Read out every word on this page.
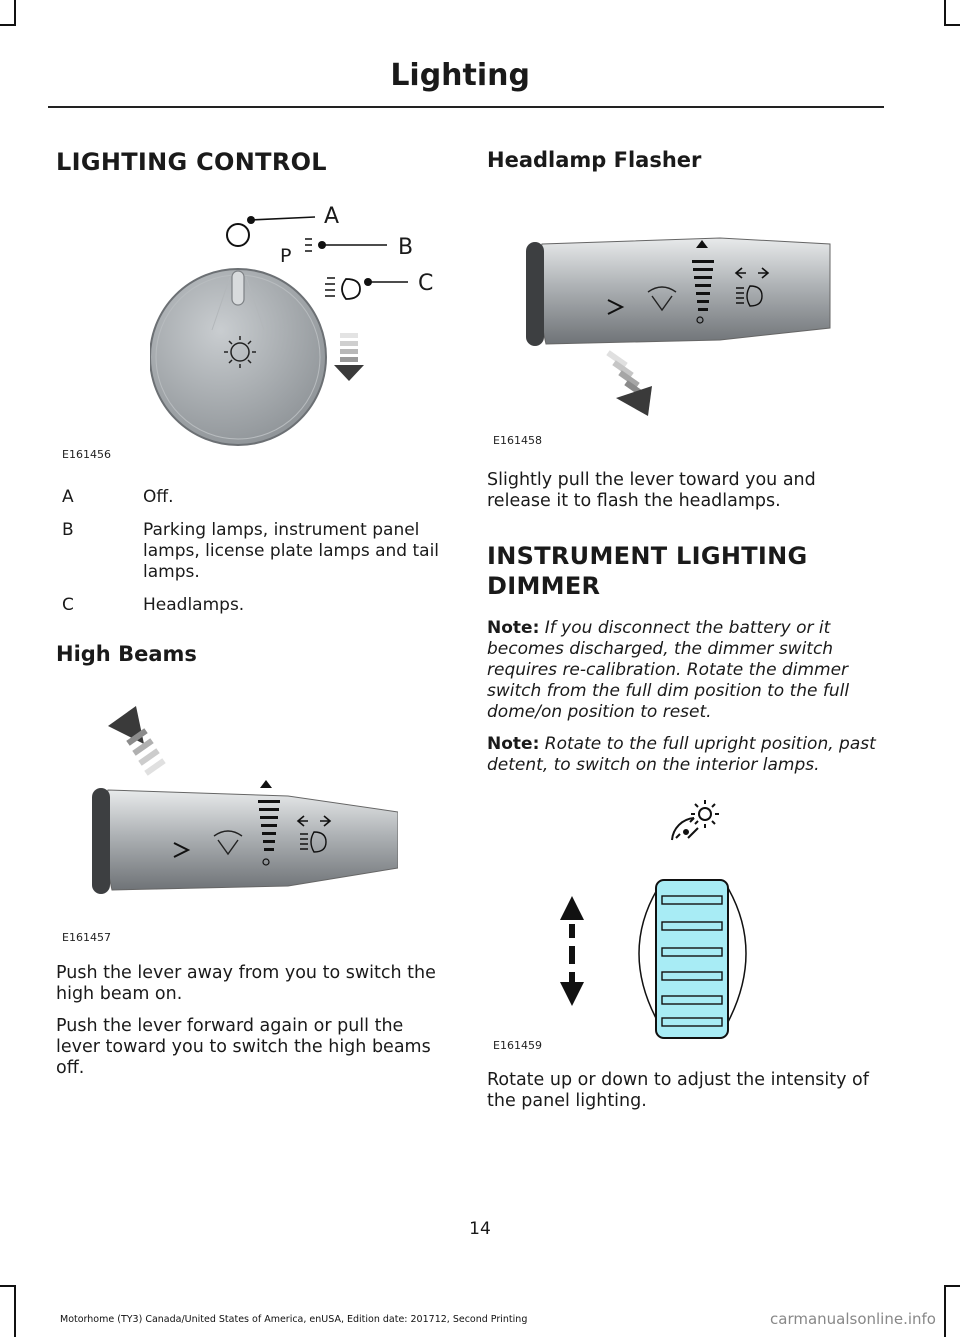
Lighting
LIGHTING CONTROL
A
B
C
P
E161456
A	Off.
B	Parking lamps, instrument panel lamps, license plate lamps and tail lamps.
C	Headlamps.
High Beams
E161457
Push the lever away from you to switch the high beam on.
Push the lever forward again or pull the lever toward you to switch the high beams off.
Headlamp Flasher
E161458
Slightly pull the lever toward you and release it to flash the headlamps.
INSTRUMENT LIGHTING
DIMMER
Note: If you disconnect the battery or it becomes discharged, the dimmer switch requires re-calibration. Rotate the dimmer switch from the full dim position to the full dome/on position to reset.
Note: Rotate to the full upright position, past detent, to switch on the interior lamps.
E161459
Rotate up or down to adjust the intensity of the panel lighting.
14
Motorhome (TY3) Canada/United States of America, enUSA, Edition date: 201712, Second Printing	carmanualsonline.info
